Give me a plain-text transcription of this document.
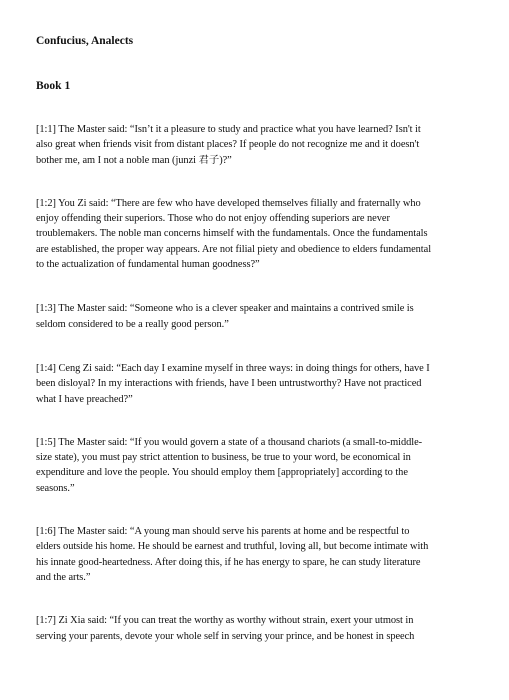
Confucius, Analects

Book 1

[1:1] The Master said: “Isn’t it a pleasure to study and practice what you have learned? Isn't it
also great when friends visit from distant places? If people do not recognize me and it doesn't
bother me, am I not a noble man (junzi 君子)?”

[1:2] You Zi said: “There are few who have developed themselves filially and fraternally who
enjoy offending their superiors. Those who do not enjoy offending superiors are never
troublemakers. The noble man concerns himself with the fundamentals. Once the fundamentals
are established, the proper way appears. Are not filial piety and obedience to elders fundamental
to the actualization of fundamental human goodness?”

[1:3] The Master said: “Someone who is a clever speaker and maintains a contrived smile is
seldom considered to be a really good person.”

[1:4] Ceng Zi said: “Each day I examine myself in three ways: in doing things for others, have I
been disloyal? In my interactions with friends, have I been untrustworthy? Have not practiced
what I have preached?”

[1:5] The Master said: “If you would govern a state of a thousand chariots (a small-to-middle-
size state), you must pay strict attention to business, be true to your word, be economical in
expenditure and love the people. You should employ them [appropriately] according to the
seasons.”

[1:6] The Master said: “A young man should serve his parents at home and be respectful to
elders outside his home. He should be earnest and truthful, loving all, but become intimate with
his innate good-heartedness. After doing this, if he has energy to spare, he can study literature
and the arts.”

[1:7] Zi Xia said: “If you can treat the worthy as worthy without strain, exert your utmost in
serving your parents, devote your whole self in serving your prince, and be honest in speech
